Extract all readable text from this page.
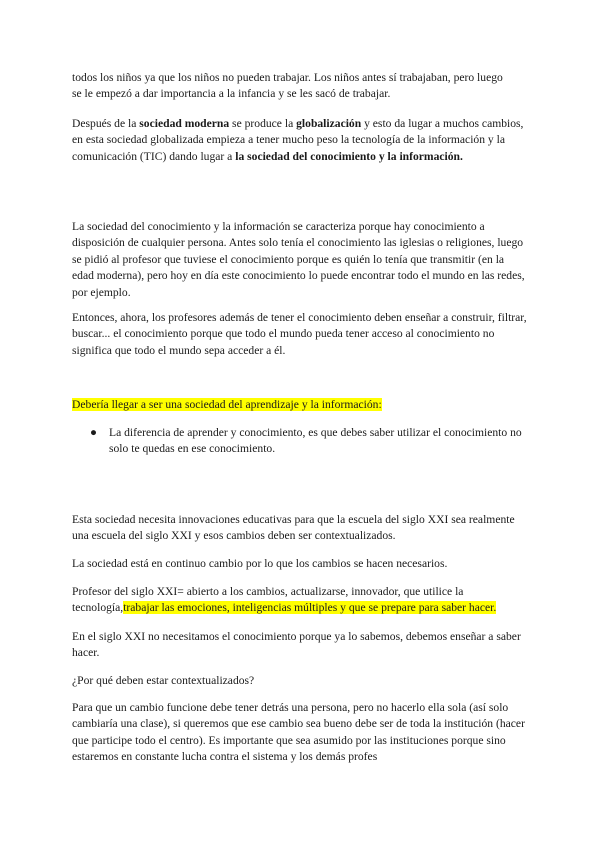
todos los niños ya que los niños no pueden trabajar. Los niños antes sí trabajaban, pero luego
se le empezó a dar importancia a la infancia y se les sacó de trabajar.

Después de la sociedad moderna se produce la globalización y esto da lugar a muchos cambios, en esta sociedad globalizada empieza a tener mucho peso la tecnología de la información y la comunicación (TIC) dando lugar a la sociedad del conocimiento y la información.

La sociedad del conocimiento y la información se caracteriza porque hay conocimiento a disposición de cualquier persona. Antes solo tenía el conocimiento las iglesias o religiones, luego se pidió al profesor que tuviese el conocimiento porque es quién lo tenía que transmitir (en la edad moderna), pero hoy en día este conocimiento lo puede encontrar todo el mundo en las redes, por ejemplo.

Entonces, ahora, los profesores además de tener el conocimiento deben enseñar a construir, filtrar, buscar... el conocimiento porque que todo el mundo pueda tener acceso al conocimiento no significa que todo el mundo sepa acceder a él.

Debería llegar a ser una sociedad del aprendizaje y la información:

● La diferencia de aprender y conocimiento, es que debes saber utilizar el conocimiento no solo te quedas en ese conocimiento.

Esta sociedad necesita innovaciones educativas para que la escuela del siglo XXI sea realmente una escuela del siglo XXI y esos cambios deben ser contextualizados.

La sociedad está en continuo cambio por lo que los cambios se hacen necesarios.

Profesor del siglo XXI= abierto a los cambios, actualizarse, innovador, que utilice la tecnología,trabajar las emociones, inteligencias múltiples y que se prepare para saber hacer.

En el siglo XXI no necesitamos el conocimiento porque ya lo sabemos, debemos enseñar a saber hacer.

¿Por qué deben estar contextualizados?

Para que un cambio funcione debe tener detrás una persona, pero no hacerlo ella sola (así solo cambiaría una clase), si queremos que ese cambio sea bueno debe ser de toda la institución (hacer que participe todo el centro). Es importante que sea asumido por las instituciones porque sino estaremos en constante lucha contra el sistema y los demás profes
